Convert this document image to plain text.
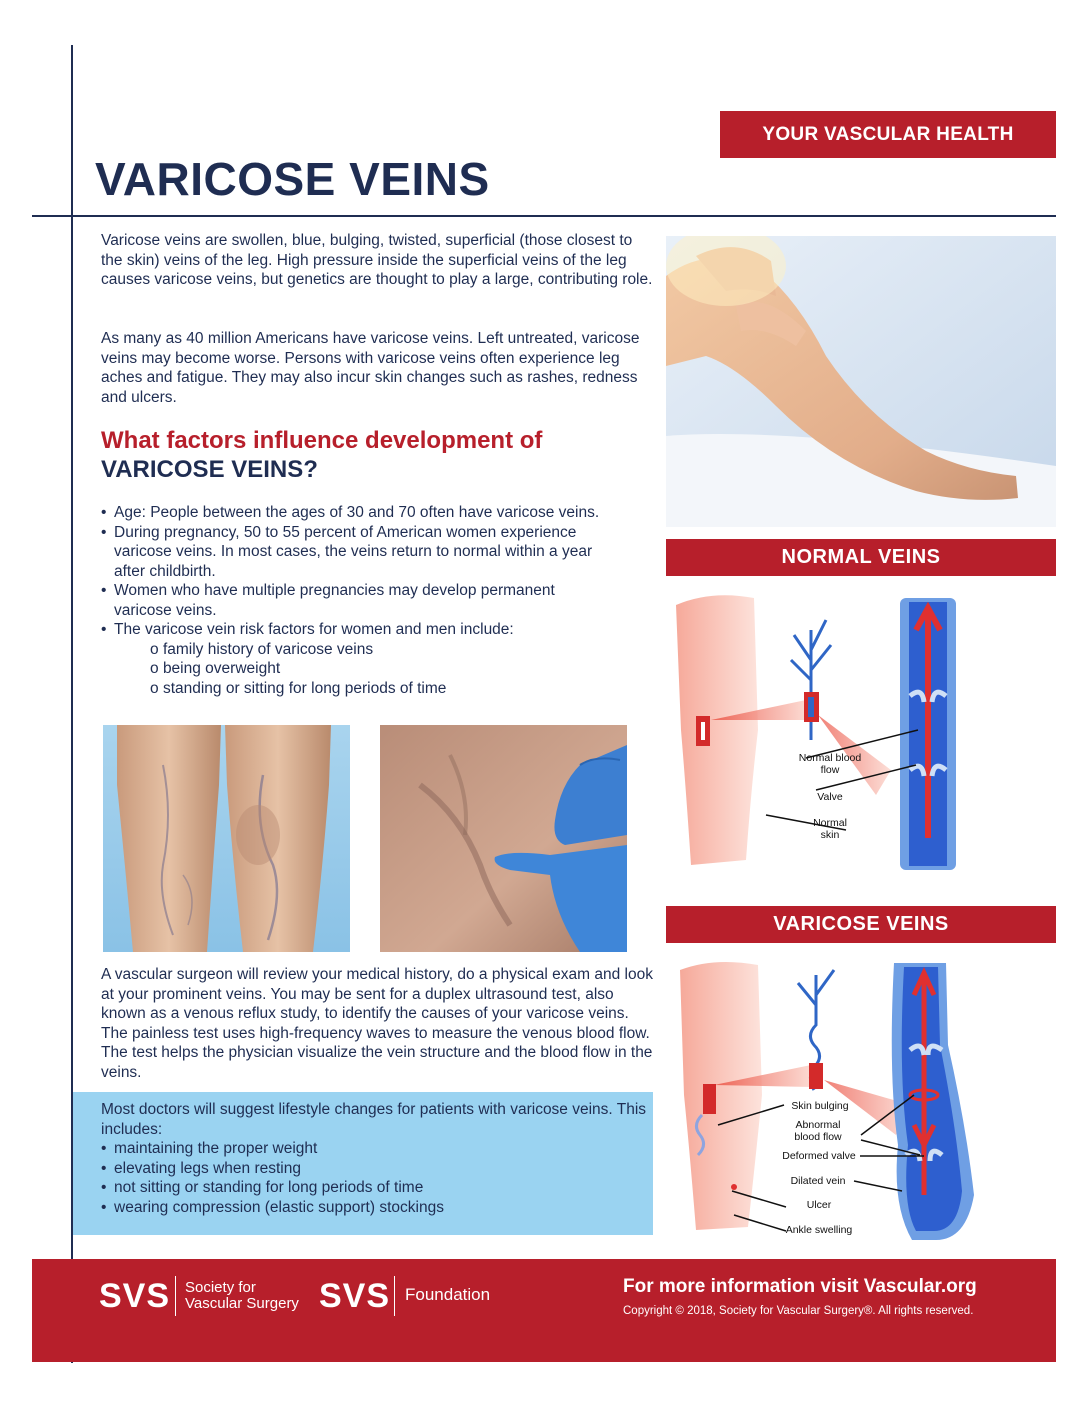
YOUR VASCULAR HEALTH
VARICOSE VEINS

Varicose veins are swollen, blue, bulging, twisted, superficial (those closest to the skin) veins of the leg. High pressure inside the superficial veins of the leg causes varicose veins, but genetics are thought to play a large, contributing role.

As many as 40 million Americans have varicose veins. Left untreated, varicose veins may become worse. Persons with varicose veins often experience leg aches and fatigue. They may also incur skin changes such as rashes, redness and ulcers.

What factors influence development of
VARICOSE VEINS?
• Age: People between the ages of 30 and 70 often have varicose veins.
• During pregnancy, 50 to 55 percent of American women experience varicose veins. In most cases, the veins return to normal within a year after childbirth.
• Women who have multiple pregnancies may develop permanent varicose veins.
• The varicose vein risk factors for women and men include:
o family history of varicose veins
o being overweight
o standing or sitting for long periods of time

A vascular surgeon will review your medical history, do a physical exam and look at your prominent veins. You may be sent for a duplex ultrasound test, also known as a venous reflux study, to identify the causes of your varicose veins. The painless test uses high-frequency waves to measure the venous blood flow. The test helps the physician visualize the vein structure and the blood flow in the veins.

Most doctors will suggest lifestyle changes for patients with varicose veins. This includes:
• maintaining the proper weight
• elevating legs when resting
• not sitting or standing for long periods of time
• wearing compression (elastic support) stockings
NORMAL VEINS
Normal blood flow
Valve
Normal skin
VARICOSE VEINS
Skin bulging
Abnormal blood flow
Deformed valve
Dilated vein
Ulcer
Ankle swelling
SVS Society for
Vascular Surgery SVS Foundation	For more information visit Vascular.org
Copyright © 2018, Society for Vascular Surgery®. All rights reserved.
